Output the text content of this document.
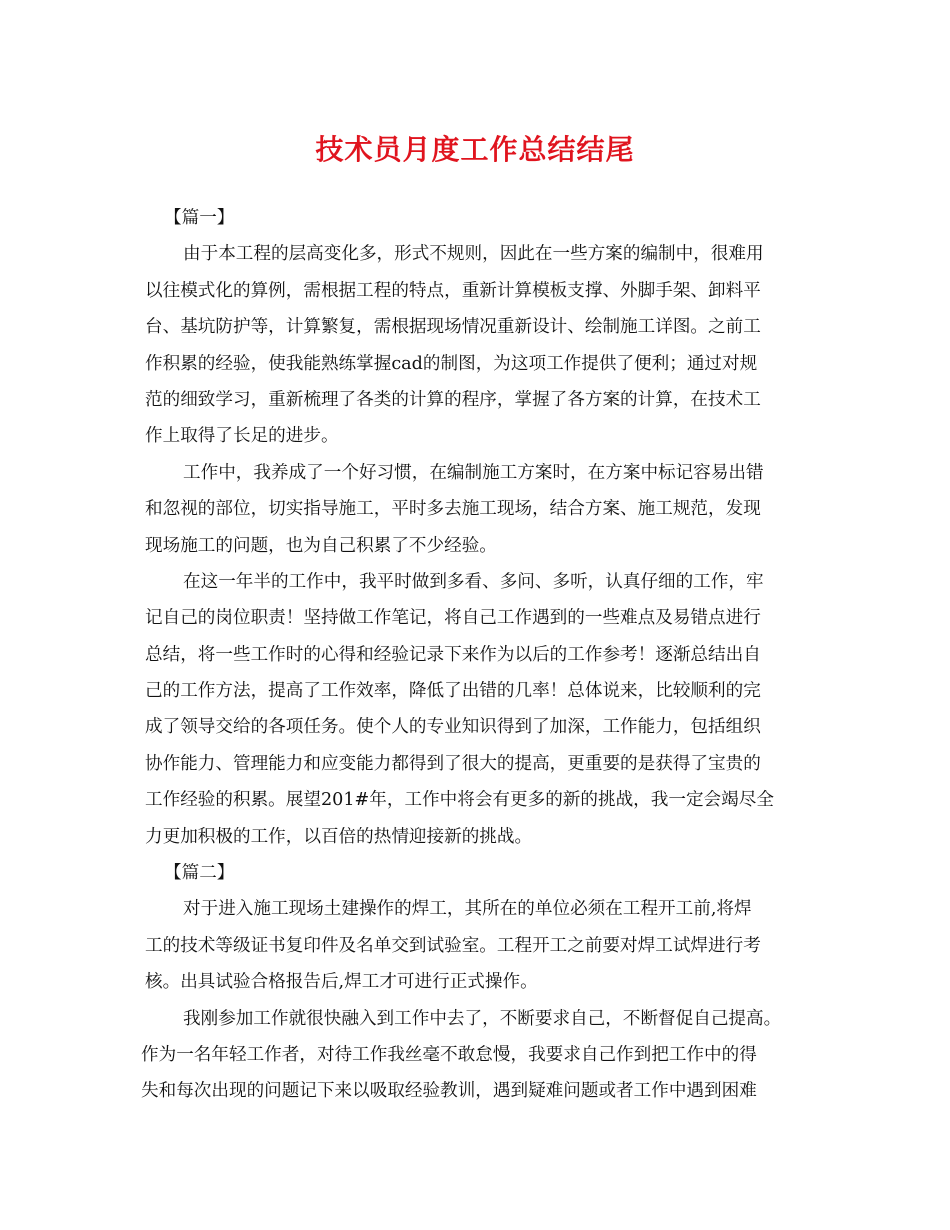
技术员月度工作总结结尾
【篇一】
由于本工程的层高变化多，形式不规则，因此在一些方案的编制中，很难用
以往模式化的算例，需根据工程的特点，重新计算模板支撑、外脚手架、卸料平
台、基坑防护等，计算繁复，需根据现场情况重新设计、绘制施工详图。之前工
作积累的经验，使我能熟练掌握cad的制图，为这项工作提供了便利；通过对规
范的细致学习，重新梳理了各类的计算的程序，掌握了各方案的计算，在技术工
作上取得了长足的进步。
工作中，我养成了一个好习惯，在编制施工方案时，在方案中标记容易出错
和忽视的部位，切实指导施工，平时多去施工现场，结合方案、施工规范，发现
现场施工的问题，也为自己积累了不少经验。
在这一年半的工作中，我平时做到多看、多问、多听，认真仔细的工作，牢
记自己的岗位职责！坚持做工作笔记，将自己工作遇到的一些难点及易错点进行
总结，将一些工作时的心得和经验记录下来作为以后的工作参考！逐渐总结出自
己的工作方法，提高了工作效率，降低了出错的几率！总体说来，比较顺利的完
成了领导交给的各项任务。使个人的专业知识得到了加深，工作能力，包括组织
协作能力、管理能力和应变能力都得到了很大的提高，更重要的是获得了宝贵的
工作经验的积累。展望201#年，工作中将会有更多的新的挑战，我一定会竭尽全
力更加积极的工作，以百倍的热情迎接新的挑战。
【篇二】
对于进入施工现场土建操作的焊工，其所在的单位必须在工程开工前,将焊
工的技术等级证书复印件及名单交到试验室。工程开工之前要对焊工试焊进行考
核。出具试验合格报告后,焊工才可进行正式操作。
我刚参加工作就很快融入到工作中去了，不断要求自己，不断督促自己提高。
作为一名年轻工作者，对待工作我丝毫不敢怠慢，我要求自己作到把工作中的得
失和每次出现的问题记下来以吸取经验教训，遇到疑难问题或者工作中遇到困难
